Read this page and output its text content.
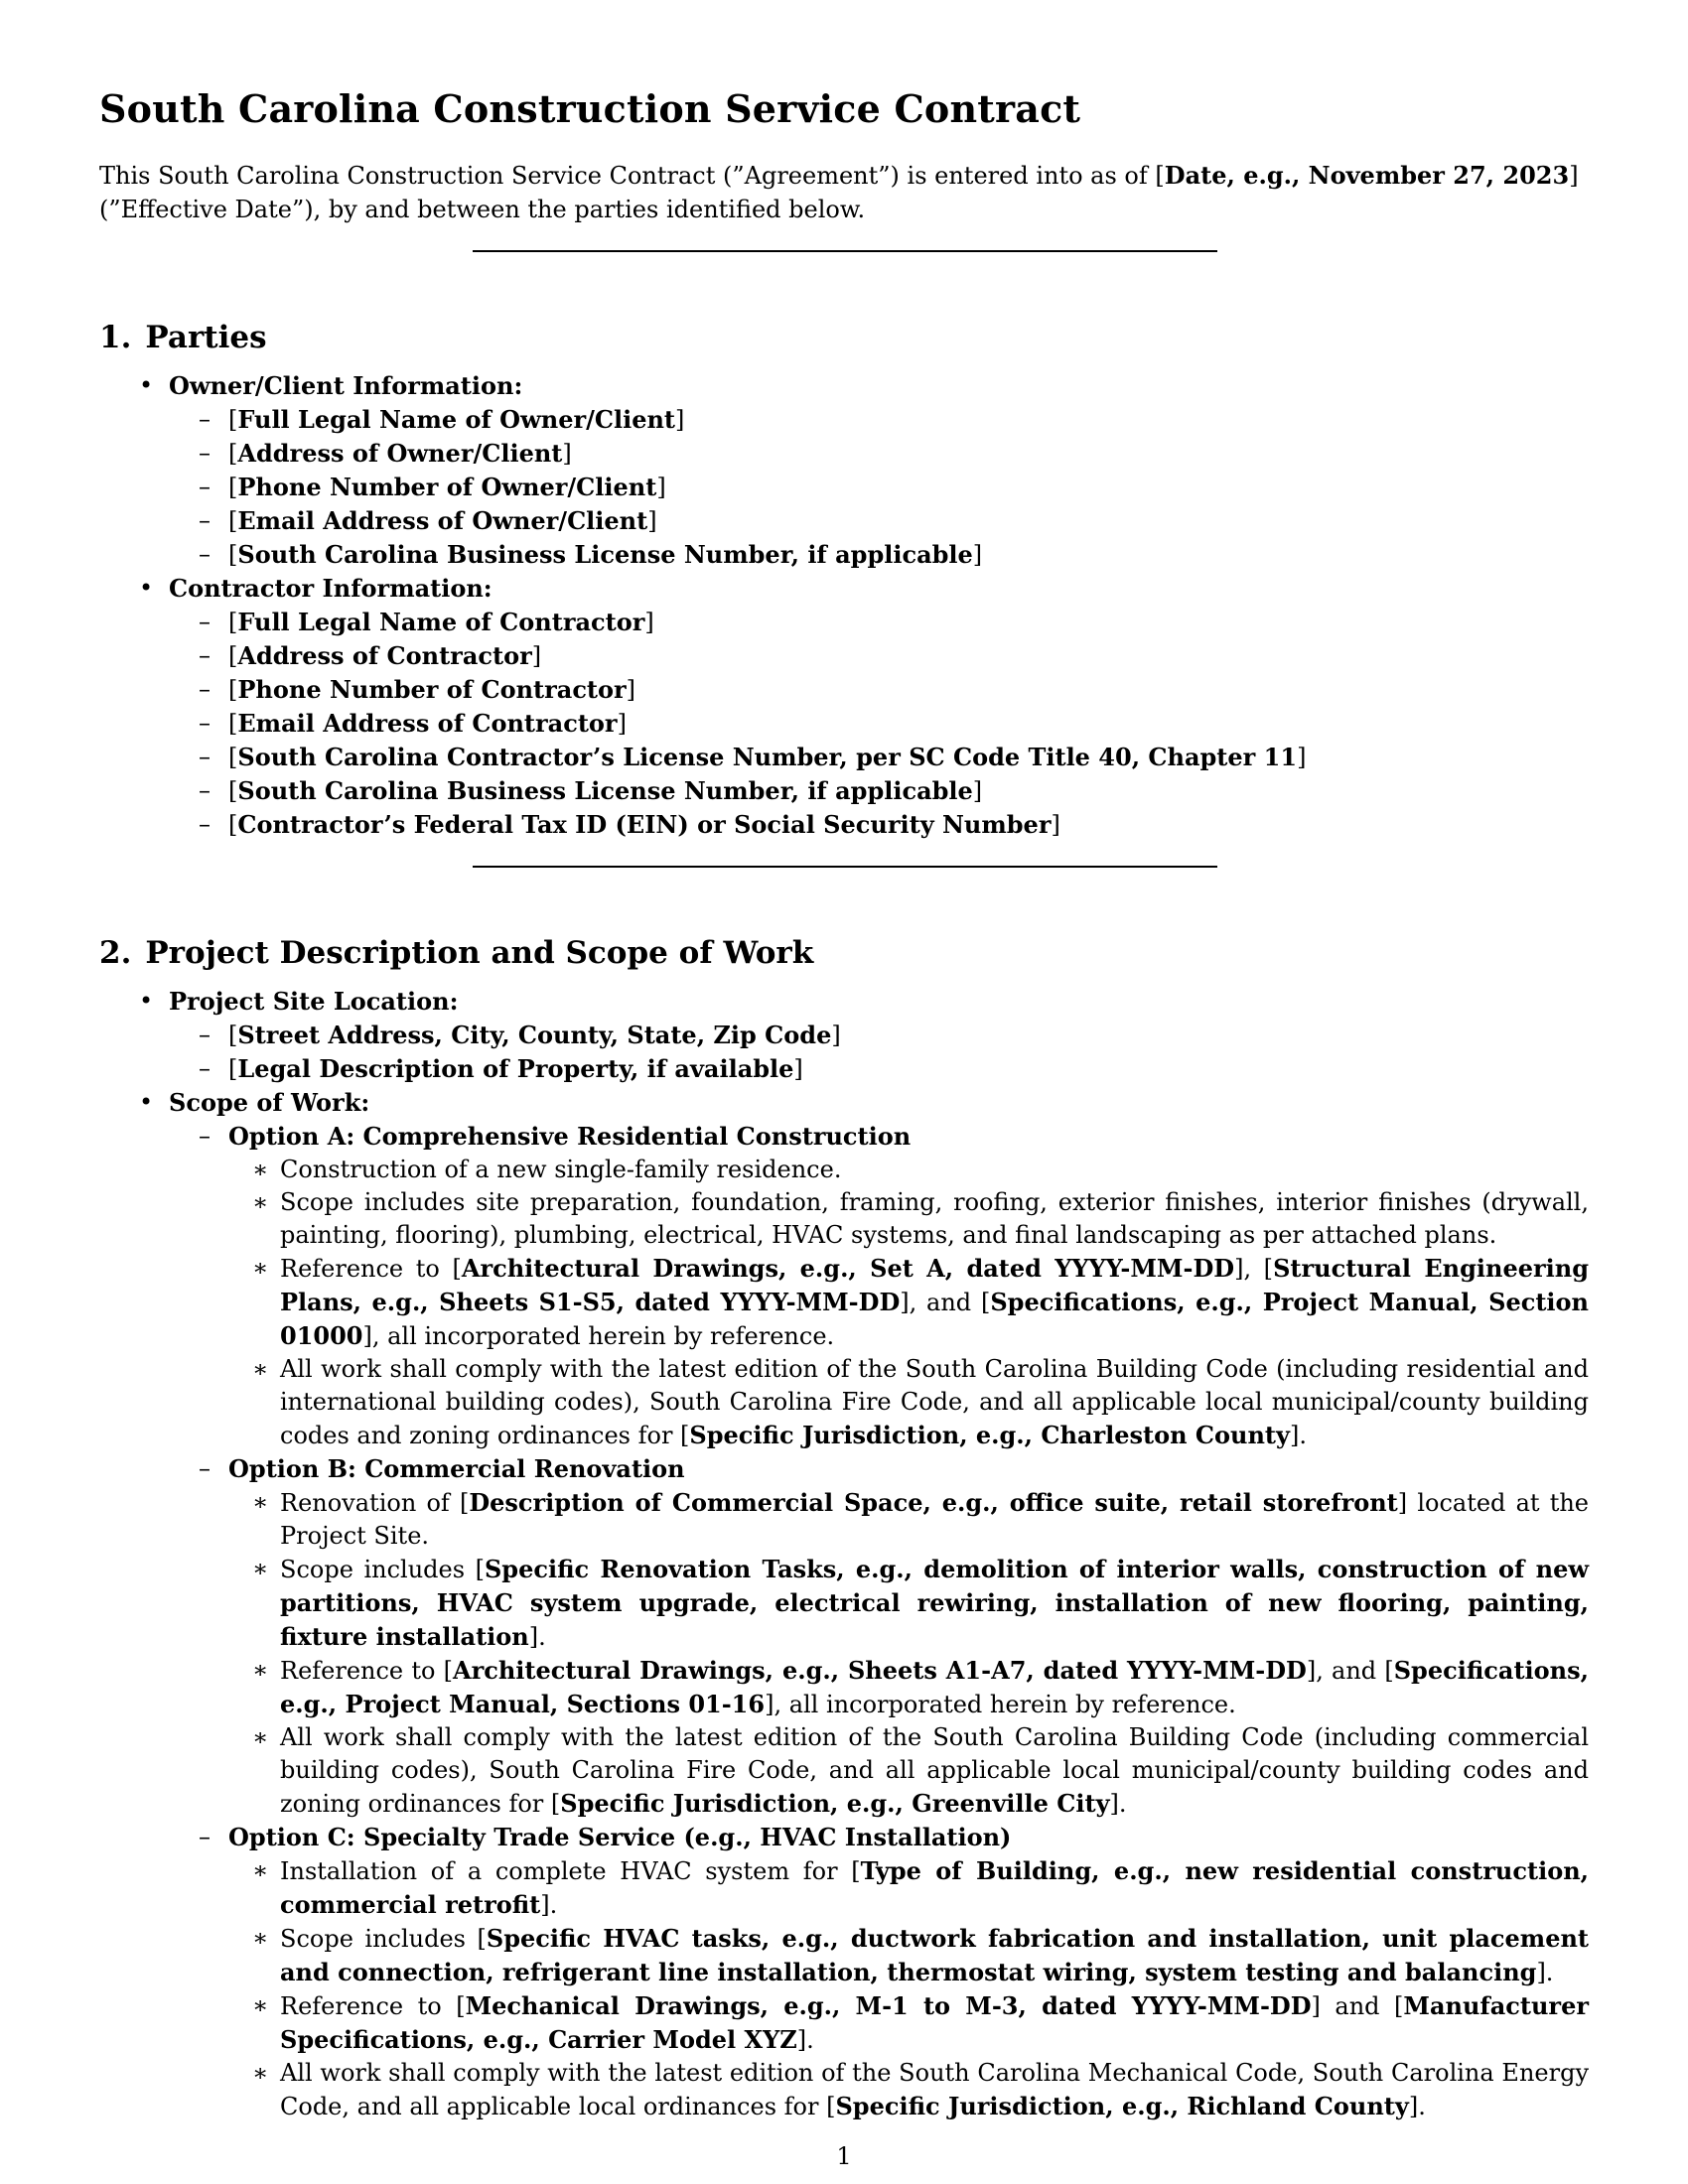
South Carolina Construction Service Contract

This South Carolina Construction Service Contract (”Agreement”) is entered into as of [Date, e.g., November 27, 2023] (”Effective Date”), by and between the parties identified below.

1. Parties
• Owner/Client Information:
– [Full Legal Name of Owner/Client]
– [Address of Owner/Client]
– [Phone Number of Owner/Client]
– [Email Address of Owner/Client]
– [South Carolina Business License Number, if applicable]
• Contractor Information:
– [Full Legal Name of Contractor]
– [Address of Contractor]
– [Phone Number of Contractor]
– [Email Address of Contractor]
– [South Carolina Contractor’s License Number, per SC Code Title 40, Chapter 11]
– [South Carolina Business License Number, if applicable]
– [Contractor’s Federal Tax ID (EIN) or Social Security Number]
2. Project Description and Scope of Work
• Project Site Location:
– [Street Address, City, County, State, Zip Code]
– [Legal Description of Property, if available]
• Scope of Work:
– Option A: Comprehensive Residential Construction
∗ Construction of a new single-family residence.
∗ Scope includes site preparation, foundation, framing, roofing, exterior finishes, interior finishes (drywall, painting, flooring), plumbing, electrical, HVAC systems, and final landscaping as per attached plans.
∗ Reference to [Architectural Drawings, e.g., Set A, dated YYYY-MM-DD], [Structural Engineering Plans, e.g., Sheets S1-S5, dated YYYY-MM-DD], and [Specifications, e.g., Project Manual, Section 01000], all incorporated herein by reference.
∗ All work shall comply with the latest edition of the South Carolina Building Code (including residential and international building codes), South Carolina Fire Code, and all applicable local municipal/county building codes and zoning ordinances for [Specific Jurisdiction, e.g., Charleston County].
– Option B: Commercial Renovation
∗ Renovation of [Description of Commercial Space, e.g., office suite, retail storefront] located at the Project Site.
∗ Scope includes [Specific Renovation Tasks, e.g., demolition of interior walls, construction of new partitions, HVAC system upgrade, electrical rewiring, installation of new flooring, painting, fixture installation].
∗ Reference to [Architectural Drawings, e.g., Sheets A1-A7, dated YYYY-MM-DD], and [Specifications, e.g., Project Manual, Sections 01-16], all incorporated herein by reference.
∗ All work shall comply with the latest edition of the South Carolina Building Code (including commercial building codes), South Carolina Fire Code, and all applicable local municipal/county building codes and zoning ordinances for [Specific Jurisdiction, e.g., Greenville City].
– Option C: Specialty Trade Service (e.g., HVAC Installation)
∗ Installation of a complete HVAC system for [Type of Building, e.g., new residential construction, commercial retrofit].
∗ Scope includes [Specific HVAC tasks, e.g., ductwork fabrication and installation, unit placement and connection, refrigerant line installation, thermostat wiring, system testing and balancing].
∗ Reference to [Mechanical Drawings, e.g., M-1 to M-3, dated YYYY-MM-DD] and [Manufacturer Specifications, e.g., Carrier Model XYZ].
∗ All work shall comply with the latest edition of the South Carolina Mechanical Code, South Carolina Energy Code, and all applicable local ordinances for [Specific Jurisdiction, e.g., Richland County].
1
